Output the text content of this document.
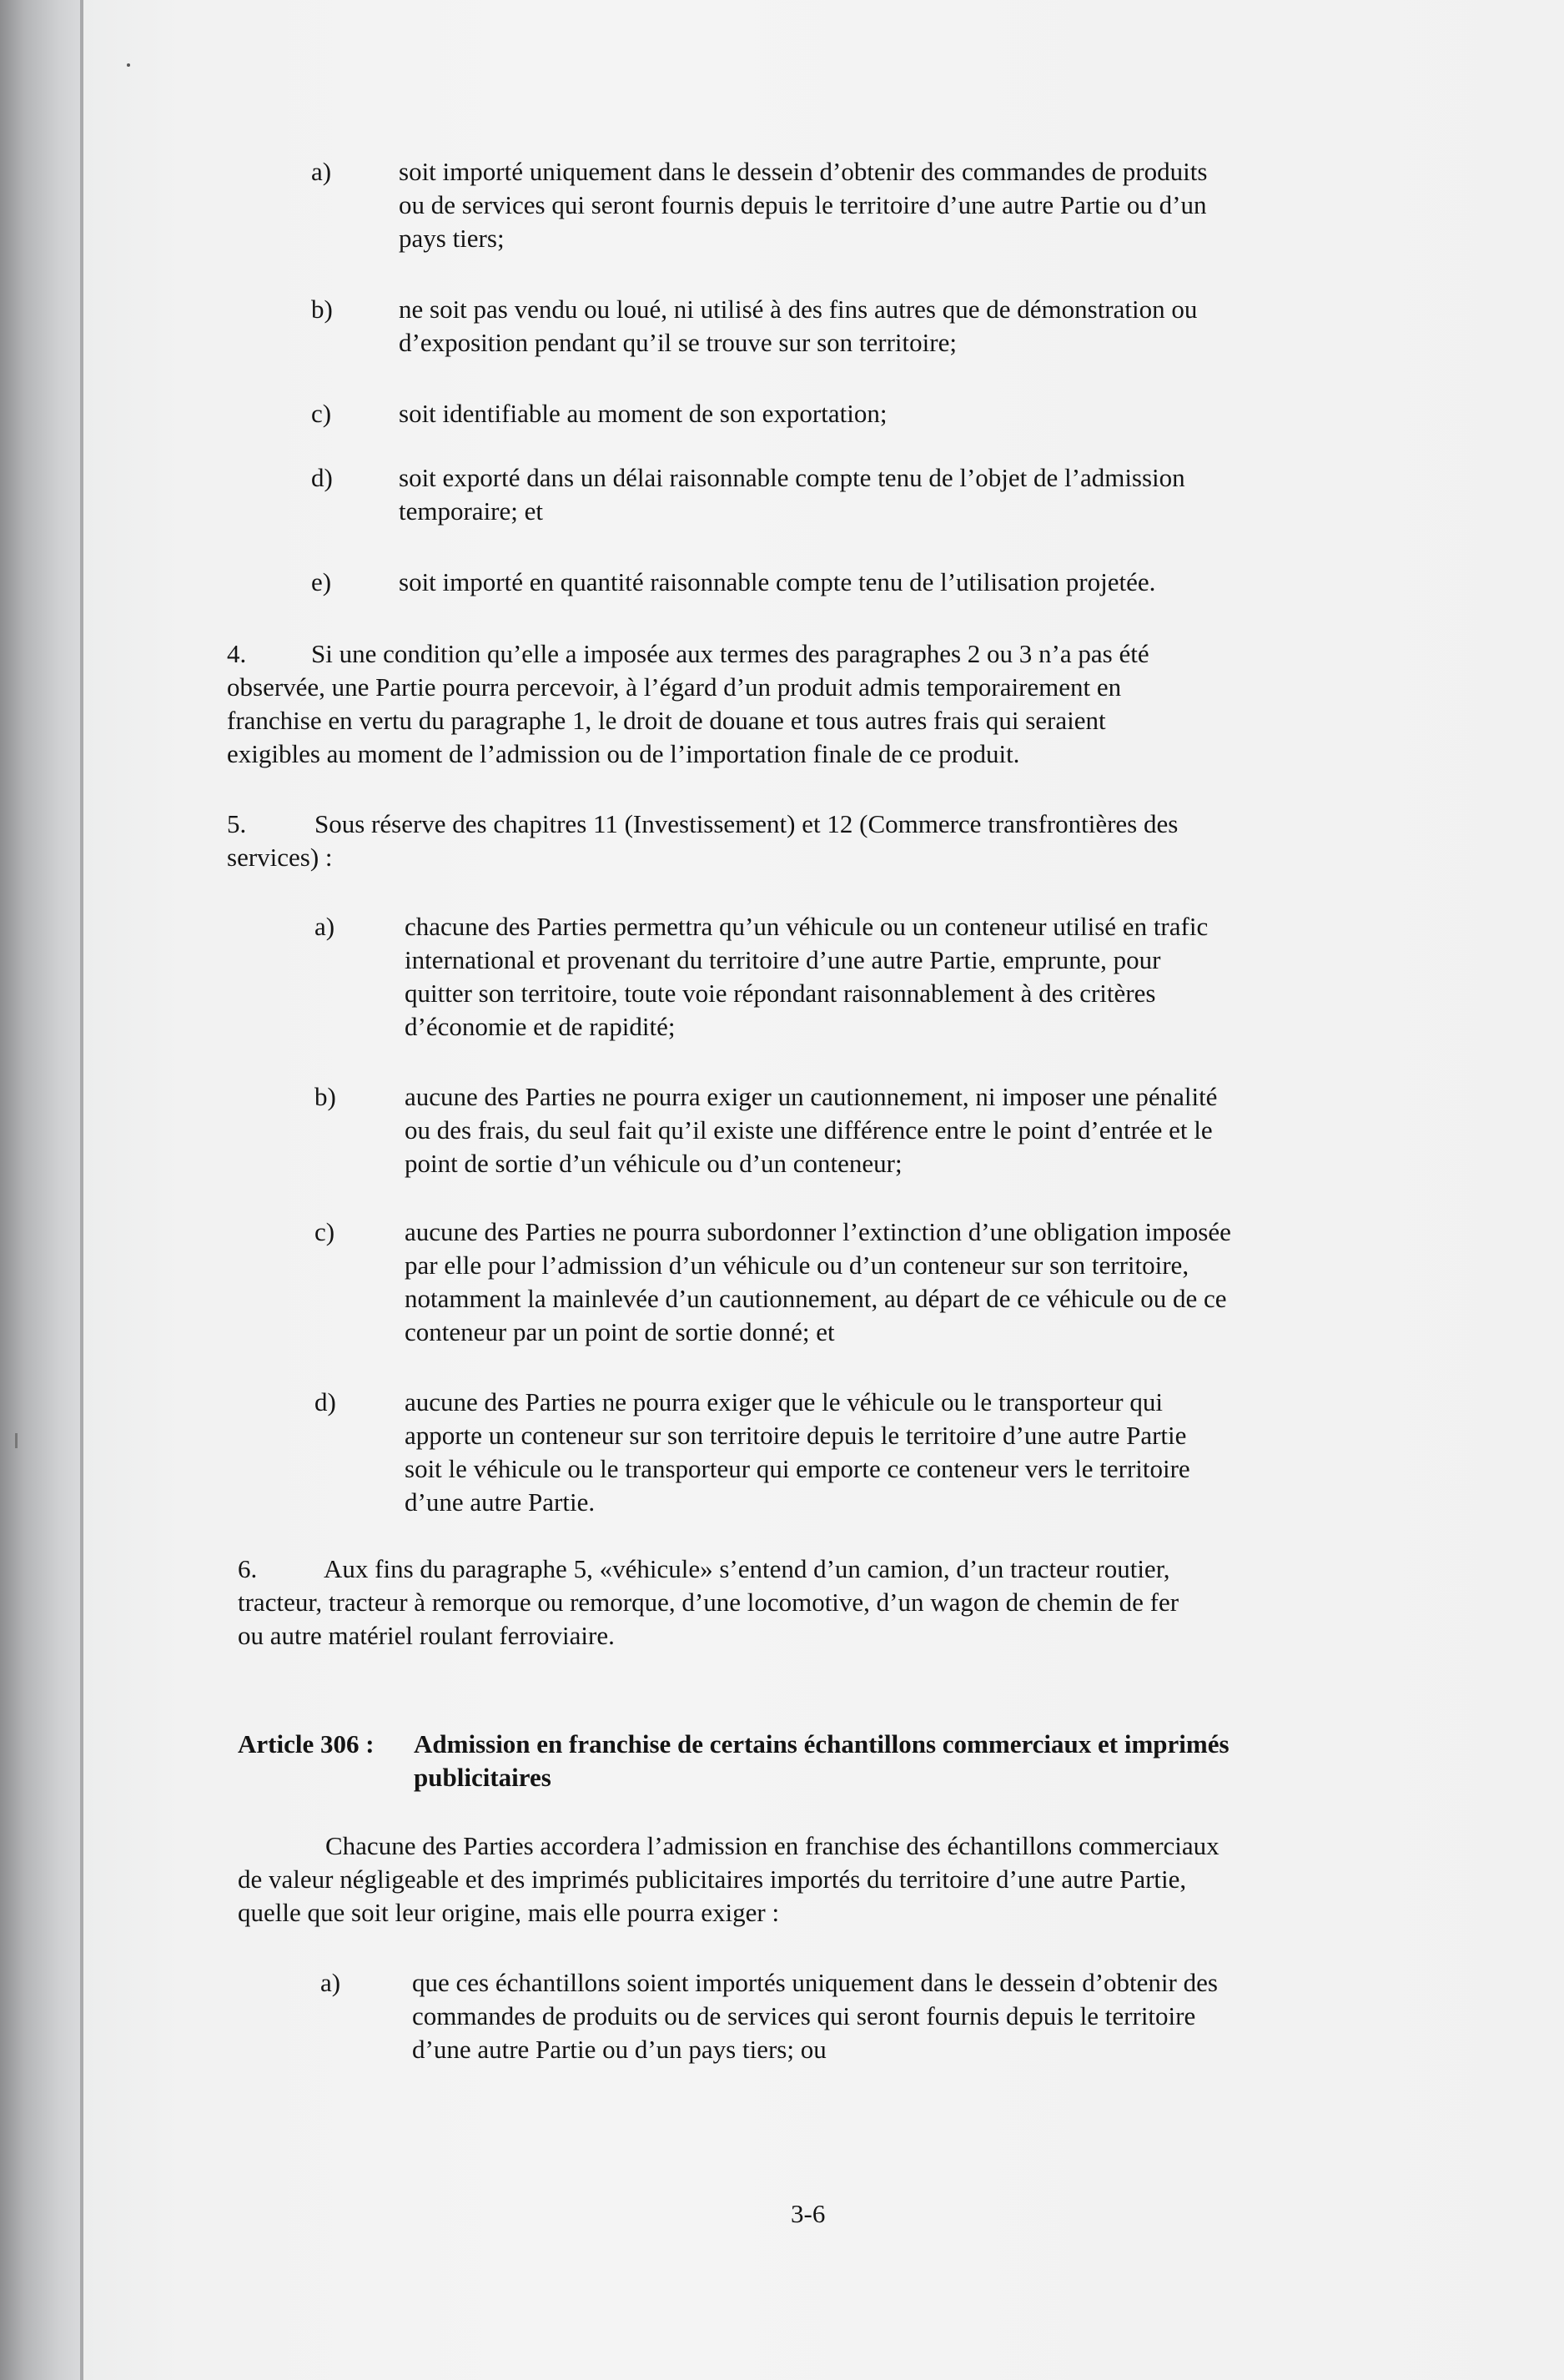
a)	soit importé uniquement dans le dessein d’obtenir des commandes de produits
ou de services qui seront fournis depuis le territoire d’une autre Partie ou d’un
pays tiers;
b)	ne soit pas vendu ou loué, ni utilisé à des fins autres que de démonstration ou
d’exposition pendant qu’il se trouve sur son territoire;
c)	soit identifiable au moment de son exportation;
d)	soit exporté dans un délai raisonnable compte tenu de l’objet de l’admission
temporaire; et
e)	soit importé en quantité raisonnable compte tenu de l’utilisation projetée.
4.	Si une condition qu’elle a imposée aux termes des paragraphes 2 ou 3 n’a pas été
observée, une Partie pourra percevoir, à l’égard d’un produit admis temporairement en
franchise en vertu du paragraphe 1, le droit de douane et tous autres frais qui seraient
exigibles au moment de l’admission ou de l’importation finale de ce produit.
5.	Sous réserve des chapitres 11 (Investissement) et 12 (Commerce transfrontières des
services) :
a)	chacune des Parties permettra qu’un véhicule ou un conteneur utilisé en trafic
international et provenant du territoire d’une autre Partie, emprunte, pour
quitter son territoire, toute voie répondant raisonnablement à des critères
d’économie et de rapidité;
b)	aucune des Parties ne pourra exiger un cautionnement, ni imposer une pénalité
ou des frais, du seul fait qu’il existe une différence entre le point d’entrée et le
point de sortie d’un véhicule ou d’un conteneur;
c)	aucune des Parties ne pourra subordonner l’extinction d’une obligation imposée
par elle pour l’admission d’un véhicule ou d’un conteneur sur son territoire,
notamment la mainlevée d’un cautionnement, au départ de ce véhicule ou de ce
conteneur par un point de sortie donné; et
d)	aucune des Parties ne pourra exiger que le véhicule ou le transporteur qui
apporte un conteneur sur son territoire depuis le territoire d’une autre Partie
soit le véhicule ou le transporteur qui emporte ce conteneur vers le territoire
d’une autre Partie.
6.	Aux fins du paragraphe 5, «véhicule» s’entend d’un camion, d’un tracteur routier,
tracteur, tracteur à remorque ou remorque, d’une locomotive, d’un wagon de chemin de fer
ou autre matériel roulant ferroviaire.
Article 306 : Admission en franchise de certains échantillons commerciaux et imprimés
publicitaires
Chacune des Parties accordera l’admission en franchise des échantillons commerciaux
de valeur négligeable et des imprimés publicitaires importés du territoire d’une autre Partie,
quelle que soit leur origine, mais elle pourra exiger :
a)	que ces échantillons soient importés uniquement dans le dessein d’obtenir des
commandes de produits ou de services qui seront fournis depuis le territoire
d’une autre Partie ou d’un pays tiers; ou
3-6
